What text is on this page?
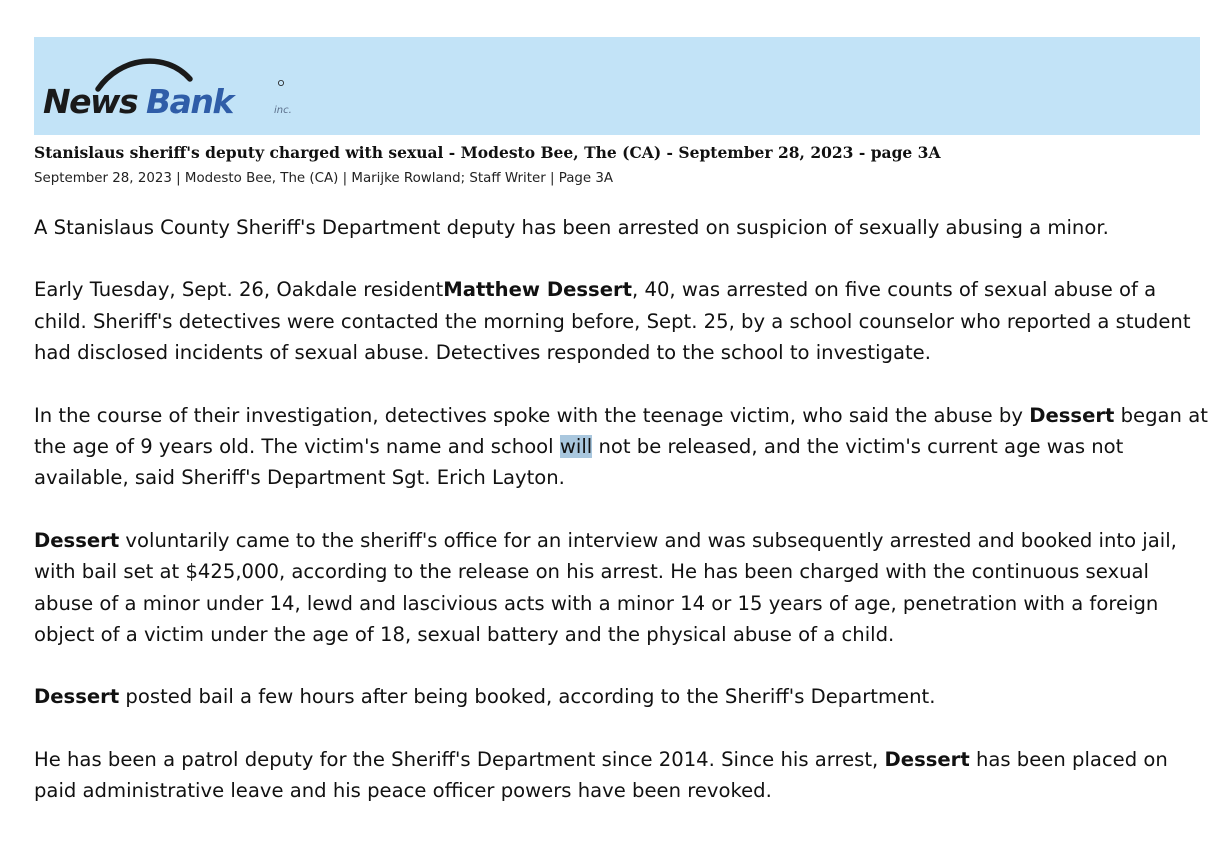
News Bank	inc.
Stanislaus sheriff's deputy charged with sexual - Modesto Bee, The (CA) - September 28, 2023 - page 3A
September 28, 2023 | Modesto Bee, The (CA) | Marijke Rowland; Staff Writer | Page 3A

A Stanislaus County Sheriff's Department deputy has been arrested on suspicion of sexually abusing a minor.

Early Tuesday, Sept. 26, Oakdale residentMatthew Dessert, 40, was arrested on five counts of sexual abuse of a child. Sheriff's detectives were contacted the morning before, Sept. 25, by a school counselor who reported a student had disclosed incidents of sexual abuse. Detectives responded to the school to investigate.

In the course of their investigation, detectives spoke with the teenage victim, who said the abuse by Dessert began at the age of 9 years old. The victim's name and school will not be released, and the victim's current age was not available, said Sheriff's Department Sgt. Erich Layton.

Dessert voluntarily came to the sheriff's office for an interview and was subsequently arrested and booked into jail, with bail set at $425,000, according to the release on his arrest. He has been charged with the continuous sexual abuse of a minor under 14, lewd and lascivious acts with a minor 14 or 15 years of age, penetration with a foreign object of a victim under the age of 18, sexual battery and the physical abuse of a child.

Dessert posted bail a few hours after being booked, according to the Sheriff's Department.

He has been a patrol deputy for the Sheriff's Department since 2014. Since his arrest, Dessert has been placed on paid administrative leave and his peace officer powers have been revoked.
